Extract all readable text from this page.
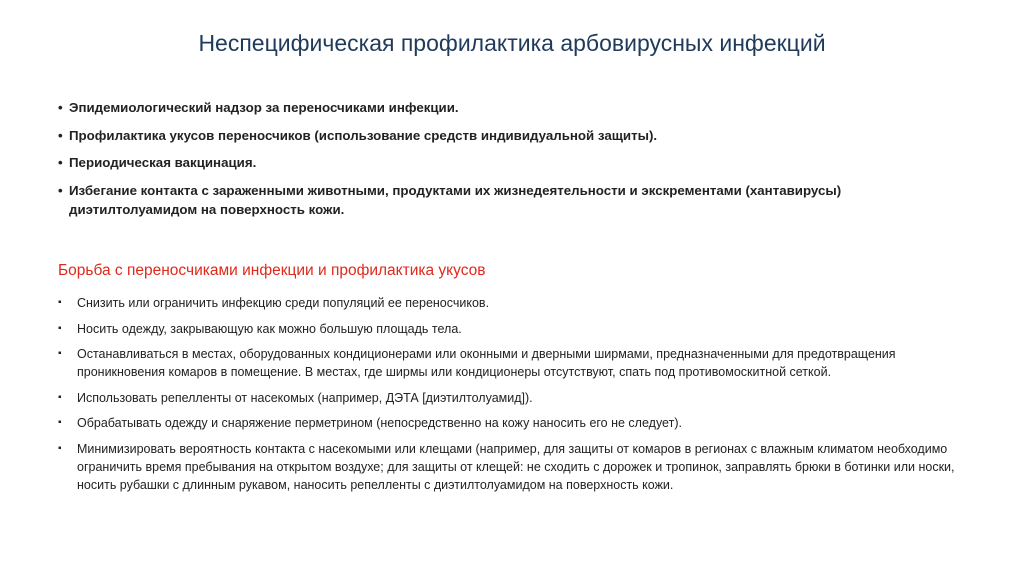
Неспецифическая профилактика арбовирусных инфекций
• Эпидемиологический надзор за переносчиками инфекции.
• Профилактика укусов переносчиков (использование средств индивидуальной защиты).
• Периодическая вакцинация.
• Избегание контакта с зараженными животными, продуктами их жизнедеятельности и экскрементами (хантавирусы) диэтилтолуамидом на поверхность кожи.
Борьба с переносчиками инфекции и профилактика укусов
▪	Снизить или ограничить инфекцию среди популяций ее переносчиков.
▪	Носить одежду, закрывающую как можно большую площадь тела.
▪	Останавливаться в местах, оборудованных кондиционерами или оконными и дверными ширмами, предназначенными для предотвращения проникновения комаров в помещение. В местах, где ширмы или кондиционеры отсутствуют, спать под противомоскитной сеткой.
▪	Использовать репелленты от насекомых (например, ДЭТА [диэтилтолуамид]).
▪	Обрабатывать одежду и снаряжение перметрином (непосредственно на кожу наносить его не следует).
▪	Минимизировать вероятность контакта с насекомыми или клещами (например, для защиты от комаров в регионах с влажным климатом необходимо ограничить время пребывания на открытом воздухе; для защиты от клещей: не сходить с дорожек и тропинок, заправлять брюки в ботинки или носки, носить рубашки с длинным рукавом, наносить репелленты с диэтилтолуамидом на поверхность кожи.
